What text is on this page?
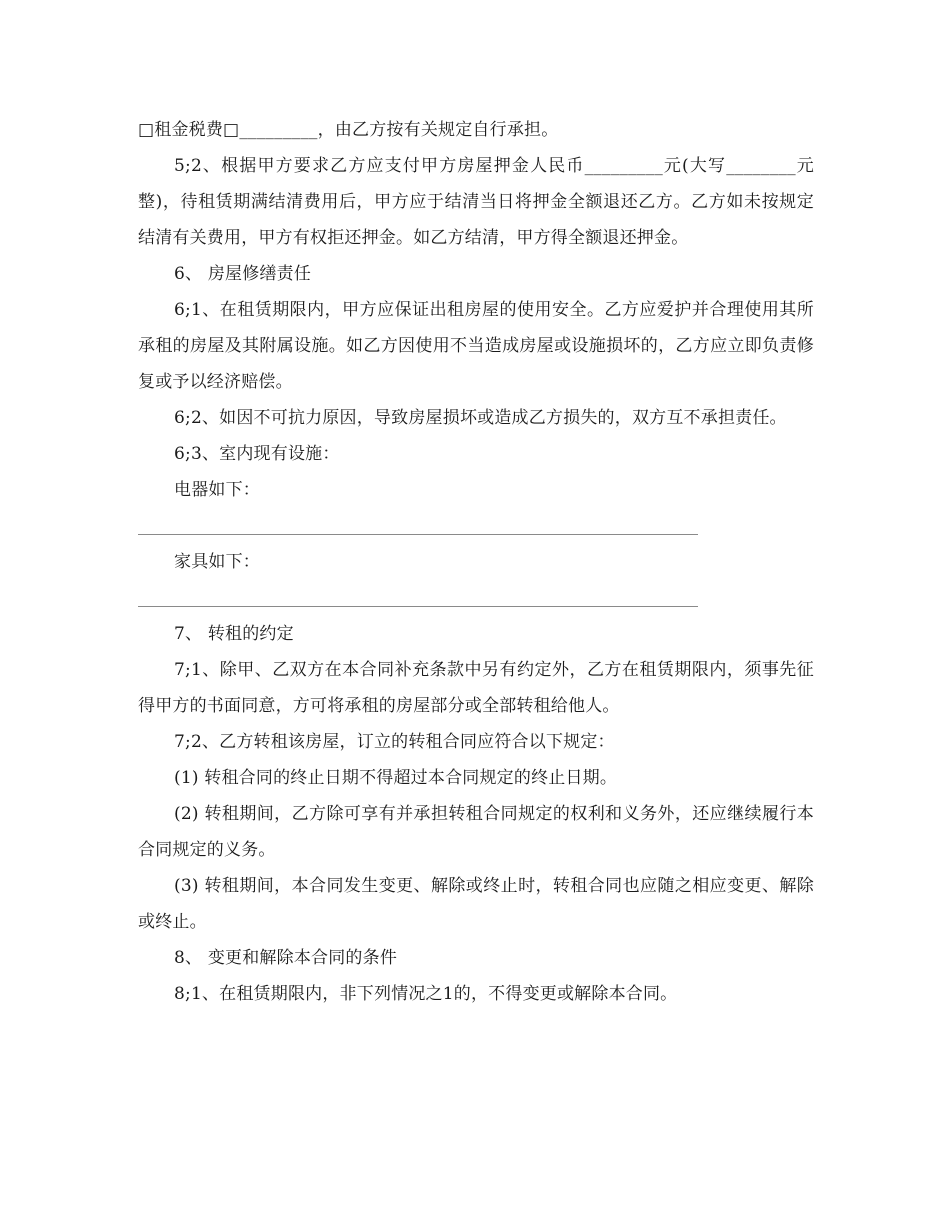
□租金税费□_________，由乙方按有关规定自行承担。

5;2、根据甲方要求乙方应支付甲方房屋押金人民币_________元(大写________元整)，待租赁期满结清费用后，甲方应于结清当日将押金全额退还乙方。乙方如未按规定结清有关费用，甲方有权拒还押金。如乙方结清，甲方得全额退还押金。

6、 房屋修缮责任

6;1、在租赁期限内，甲方应保证出租房屋的使用安全。乙方应爱护并合理使用其所承租的房屋及其附属设施。如乙方因使用不当造成房屋或设施损坏的，乙方应立即负责修复或予以经济赔偿。

6;2、如因不可抗力原因，导致房屋损坏或造成乙方损失的，双方互不承担责任。

6;3、室内现有设施：

电器如下：

家具如下：

7、 转租的约定

7;1、除甲、乙双方在本合同补充条款中另有约定外，乙方在租赁期限内，须事先征得甲方的书面同意，方可将承租的房屋部分或全部转租给他人。

7;2、乙方转租该房屋，订立的转租合同应符合以下规定：

(1) 转租合同的终止日期不得超过本合同规定的终止日期。

(2) 转租期间，乙方除可享有并承担转租合同规定的权利和义务外，还应继续履行本合同规定的义务。

(3) 转租期间，本合同发生变更、解除或终止时，转租合同也应随之相应变更、解除或终止。

8、 变更和解除本合同的条件

8;1、在租赁期限内，非下列情况之1的，不得变更或解除本合同。
